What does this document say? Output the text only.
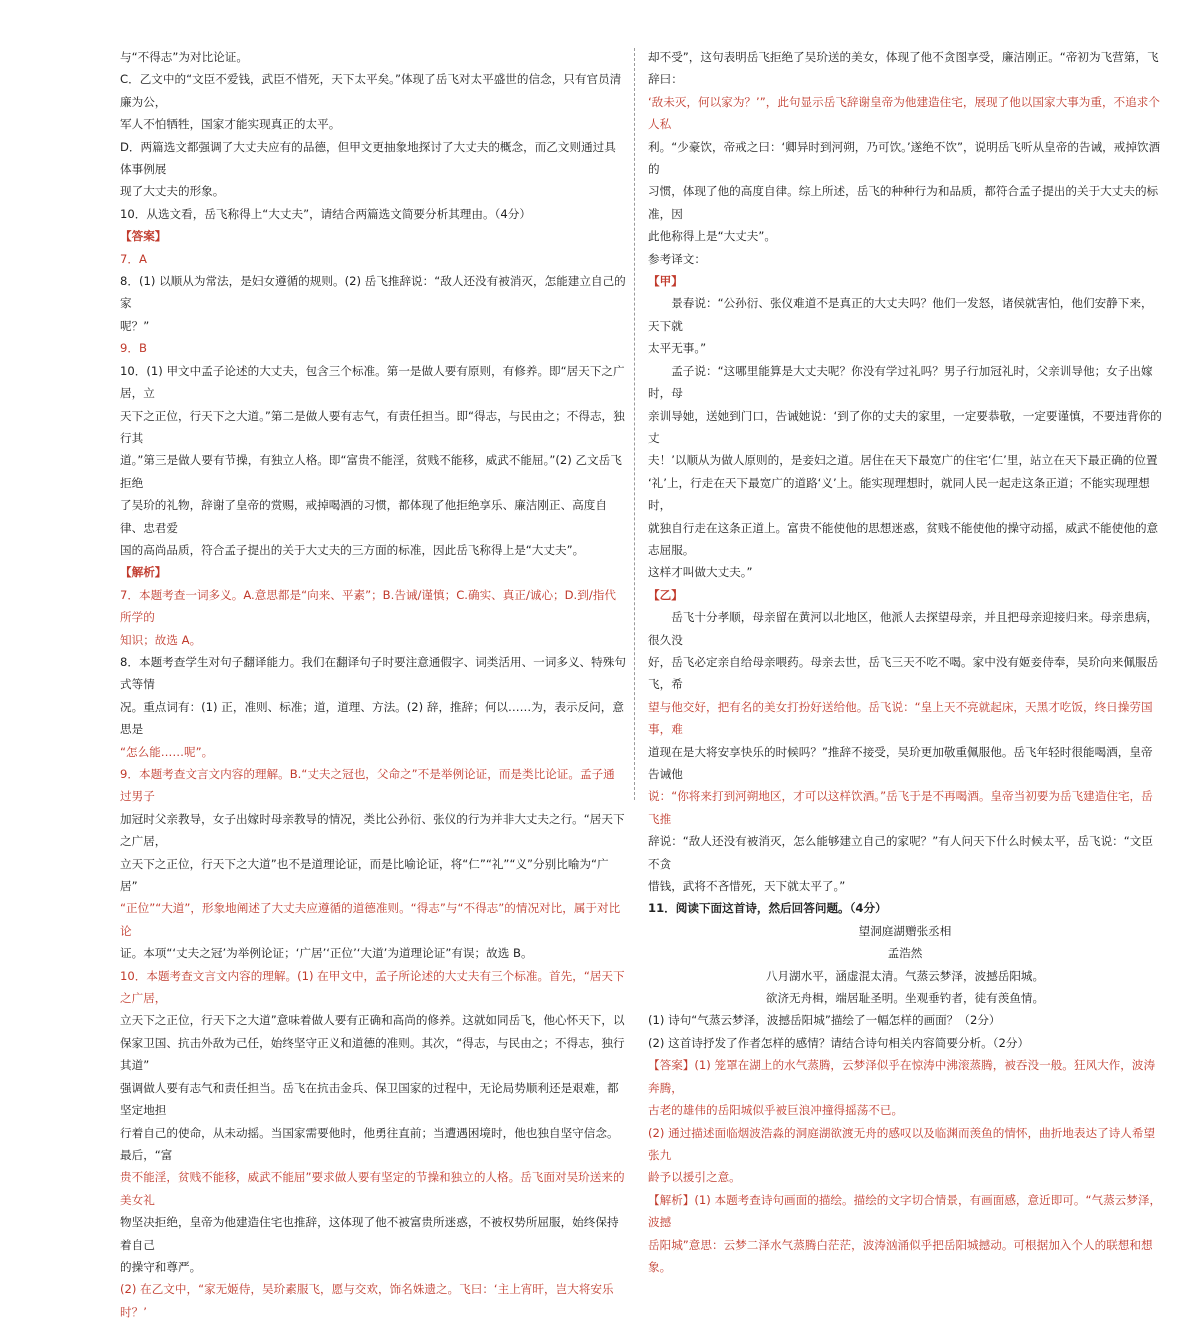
与“不得志”为对比论证。

C．乙文中的“文臣不爱钱，武臣不惜死，天下太平矣。”体现了岳飞对太平盛世的信念，只有官员清廉为公，

军人不怕牺牲，国家才能实现真正的太平。

D．两篇选文都强调了大丈夫应有的品德，但甲文更抽象地探讨了大丈夫的概念，而乙文则通过具体事例展

现了大丈夫的形象。

10．从选文看，岳飞称得上“大丈夫”，请结合两篇选文简要分析其理由。（4分）

【答案】

7．A

8．(1) 以顺从为常法，是妇女遵循的规则。(2) 岳飞推辞说：“敌人还没有被消灭，怎能建立自己的家

呢？”

9．B

10．(1) 甲文中孟子论述的大丈夫，包含三个标准。第一是做人要有原则，有修养。即“居天下之广居，立

天下之正位，行天下之大道。”第二是做人要有志气，有责任担当。即“得志，与民由之；不得志，独行其

道。”第三是做人要有节操，有独立人格。即“富贵不能淫，贫贱不能移，威武不能屈。”(2) 乙文岳飞拒绝

了吴玠的礼物，辞谢了皇帝的赏赐，戒掉喝酒的习惯，都体现了他拒绝享乐、廉洁刚正、高度自律、忠君爱

国的高尚品质，符合孟子提出的关于大丈夫的三方面的标准，因此岳飞称得上是“大丈夫”。

【解析】

7．本题考查一词多义。A.意思都是“向来、平素”；B.告诫/谨慎；C.确实、真正/诚心；D.到/指代所学的

知识；故选 A。

8．本题考查学生对句子翻译能力。我们在翻译句子时要注意通假字、词类活用、一词多义、特殊句式等情

况。重点词有：(1) 正，准则、标准；道，道理、方法。(2) 辞，推辞；何以……为，表示反问，意思是

“怎么能……呢”。

9．本题考查文言文内容的理解。B.“丈夫之冠也，父命之”不是举例论证，而是类比论证。孟子通过男子

加冠时父亲教导，女子出嫁时母亲教导的情况，类比公孙衍、张仪的行为并非大丈夫之行。“居天下之广居，

立天下之正位，行天下之大道”也不是道理论证，而是比喻论证，将“仁”“礼”“义”分别比喻为“广居”

“正位”“大道”，形象地阐述了大丈夫应遵循的道德准则。“得志”与“不得志”的情况对比，属于对比论

证。本项“‘丈夫之冠’为举例论证；‘广居’‘正位’‘大道’为道理论证”有误；故选 B。

10．本题考查文言文内容的理解。(1) 在甲文中，孟子所论述的大丈夫有三个标准。首先，“居天下之广居，

立天下之正位，行天下之大道”意味着做人要有正确和高尚的修养。这就如同岳飞，他心怀天下，以

保家卫国、抗击外敌为己任，始终坚守正义和道德的准则。其次，“得志，与民由之；不得志，独行其道”

强调做人要有志气和责任担当。岳飞在抗击金兵、保卫国家的过程中，无论局势顺利还是艰难，都坚定地担

行着自己的使命，从未动摇。当国家需要他时，他勇往直前；当遭遇困境时，他也独自坚守信念。最后，“富

贵不能淫，贫贱不能移，威武不能屈”要求做人要有坚定的节操和独立的人格。岳飞面对吴玠送来的美女礼

物坚决拒绝，皇帝为他建造住宅也推辞，这体现了他不被富贵所迷惑，不被权势所屈服，始终保持着自己

的操守和尊严。

(2) 在乙文中，“家无姬侍，吴玠素服飞，愿与交欢，饰名姝遗之。飞曰：‘主上宵旰，岂大将安乐时？’

却不受”，这句表明岳飞拒绝了吴玠送的美女，体现了他不贪图享受，廉洁刚正。“帝初为飞营第，飞辞曰：

‘敌未灭，何以家为？’”，此句显示岳飞辞谢皇帝为他建造住宅，展现了他以国家大事为重，不追求个人私

利。“少豪饮，帝戒之曰：‘卿异时到河朔，乃可饮。’遂绝不饮”，说明岳飞听从皇帝的告诫，戒掉饮酒的

习惯，体现了他的高度自律。综上所述，岳飞的种种行为和品质，都符合孟子提出的关于大丈夫的标准，因

此他称得上是“大丈夫”。

参考译文：

【甲】

景春说：“公孙衍、张仪难道不是真正的大丈夫吗？他们一发怒，诸侯就害怕，他们安静下来，天下就

太平无事。”

孟子说：“这哪里能算是大丈夫呢？你没有学过礼吗？男子行加冠礼时，父亲训导他；女子出嫁时，母

亲训导她，送她到门口，告诫她说：‘到了你的丈夫的家里，一定要恭敬，一定要谨慎，不要违背你的丈

夫！’以顺从为做人原则的，是妾妇之道。居住在天下最宽广的住宅‘仁’里，站立在天下最正确的位置

‘礼’上，行走在天下最宽广的道路‘义’上。能实现理想时，就同人民一起走这条正道；不能实现理想时，

就独自行走在这条正道上。富贵不能使他的思想迷惑，贫贱不能使他的操守动摇，威武不能使他的意志屈服。

这样才叫做大丈夫。”

【乙】

岳飞十分孝顺，母亲留在黄河以北地区，他派人去探望母亲，并且把母亲迎接归来。母亲患病，很久没

好，岳飞必定亲自给母亲喂药。母亲去世，岳飞三天不吃不喝。家中没有姬妾侍奉，吴玠向来佩服岳飞，希

望与他交好，把有名的美女打扮好送给他。岳飞说：“皇上天不亮就起床，天黑才吃饭，终日操劳国事，难

道现在是大将安享快乐的时候吗？”推辞不接受，吴玠更加敬重佩服他。岳飞年轻时很能喝酒，皇帝告诫他

说：“你将来打到河朔地区，才可以这样饮酒。”岳飞于是不再喝酒。皇帝当初要为岳飞建造住宅，岳飞推

辞说：“敌人还没有被消灭，怎么能够建立自己的家呢？”有人问天下什么时候太平，岳飞说：“文臣不贪

惜钱，武将不吝惜死，天下就太平了。”

11．阅读下面这首诗，然后回答问题。（4分）

望洞庭湖赠张丞相

孟浩然

八月湖水平，涵虚混太清。气蒸云梦泽，波撼岳阳城。

欲济无舟楫，端居耻圣明。坐观垂钓者，徒有羡鱼情。

(1) 诗句“气蒸云梦泽，波撼岳阳城”描绘了一幅怎样的画面？（2分）

(2) 这首诗抒发了作者怎样的感情？请结合诗句相关内容简要分析。（2分）

【答案】(1) 笼罩在湖上的水气蒸腾，云梦泽似乎在惊涛中沸滚蒸腾，被吞没一般。狂风大作，波涛奔腾，

古老的雄伟的岳阳城似乎被巨浪冲撞得摇荡不已。

(2) 通过描述面临烟波浩淼的洞庭湖欲渡无舟的感叹以及临渊而羡鱼的情怀，曲折地表达了诗人希望张九

龄予以援引之意。

【解析】(1) 本题考查诗句画面的描绘。描绘的文字切合情景，有画面感，意近即可。“气蒸云梦泽，波撼

岳阳城”意思：云梦二泽水气蒸腾白茫茫，波涛汹涌似乎把岳阳城撼动。可根据加入个人的联想和想象。
